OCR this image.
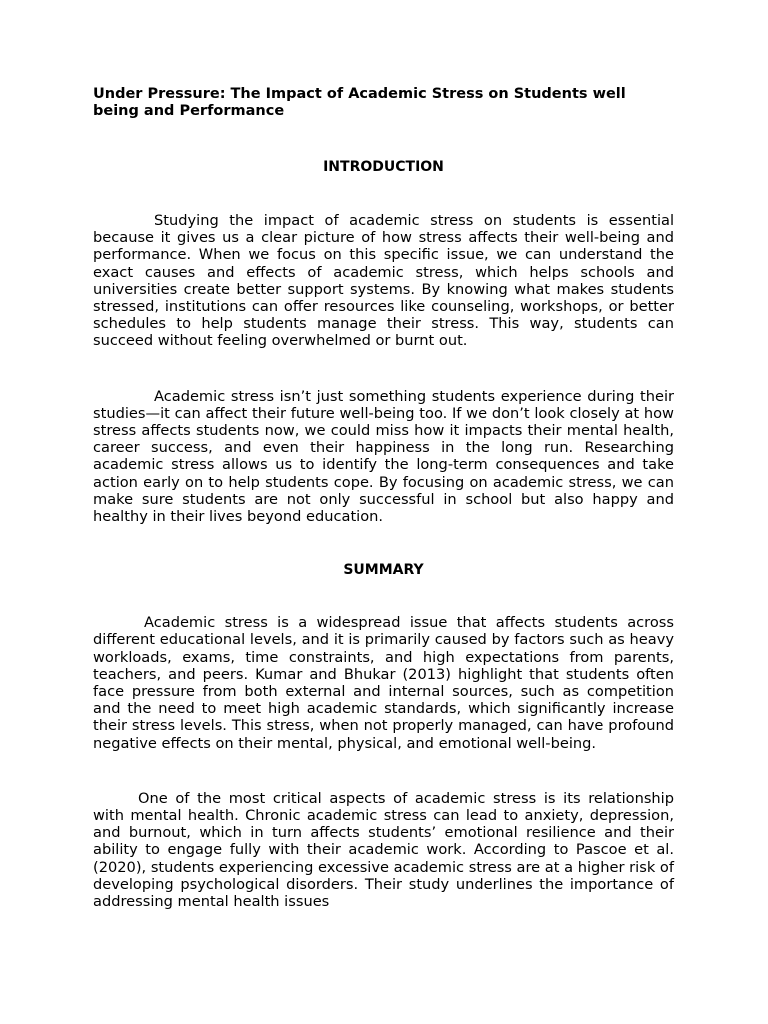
Under Pressure: The Impact of Academic Stress on Students well being and Performance

INTRODUCTION

Studying the impact of academic stress on students is essential because it gives us a clear picture of how stress affects their well-being and performance. When we focus on this specific issue, we can understand the exact causes and effects of academic stress, which helps schools and universities create better support systems. By knowing what makes students stressed, institutions can offer resources like counseling, workshops, or better schedules to help students manage their stress. This way, students can succeed without feeling overwhelmed or burnt out.

Academic stress isn’t just something students experience during their studies—it can affect their future well-being too. If we don’t look closely at how stress affects students now, we could miss how it impacts their mental health, career success, and even their happiness in the long run. Researching academic stress allows us to identify the long-term consequences and take action early on to help students cope. By focusing on academic stress, we can make sure students are not only successful in school but also happy and healthy in their lives beyond education.

SUMMARY

Academic stress is a widespread issue that affects students across different educational levels, and it is primarily caused by factors such as heavy workloads, exams, time constraints, and high expectations from parents, teachers, and peers. Kumar and Bhukar (2013) highlight that students often face pressure from both external and internal sources, such as competition and the need to meet high academic standards, which significantly increase their stress levels. This stress, when not properly managed, can have profound negative effects on their mental, physical, and emotional well-being.

One of the most critical aspects of academic stress is its relationship with mental health. Chronic academic stress can lead to anxiety, depression, and burnout, which in turn affects students’ emotional resilience and their ability to engage fully with their academic work. According to Pascoe et al. (2020), students experiencing excessive academic stress are at a higher risk of developing psychological disorders. Their study underlines the importance of addressing mental health issues
